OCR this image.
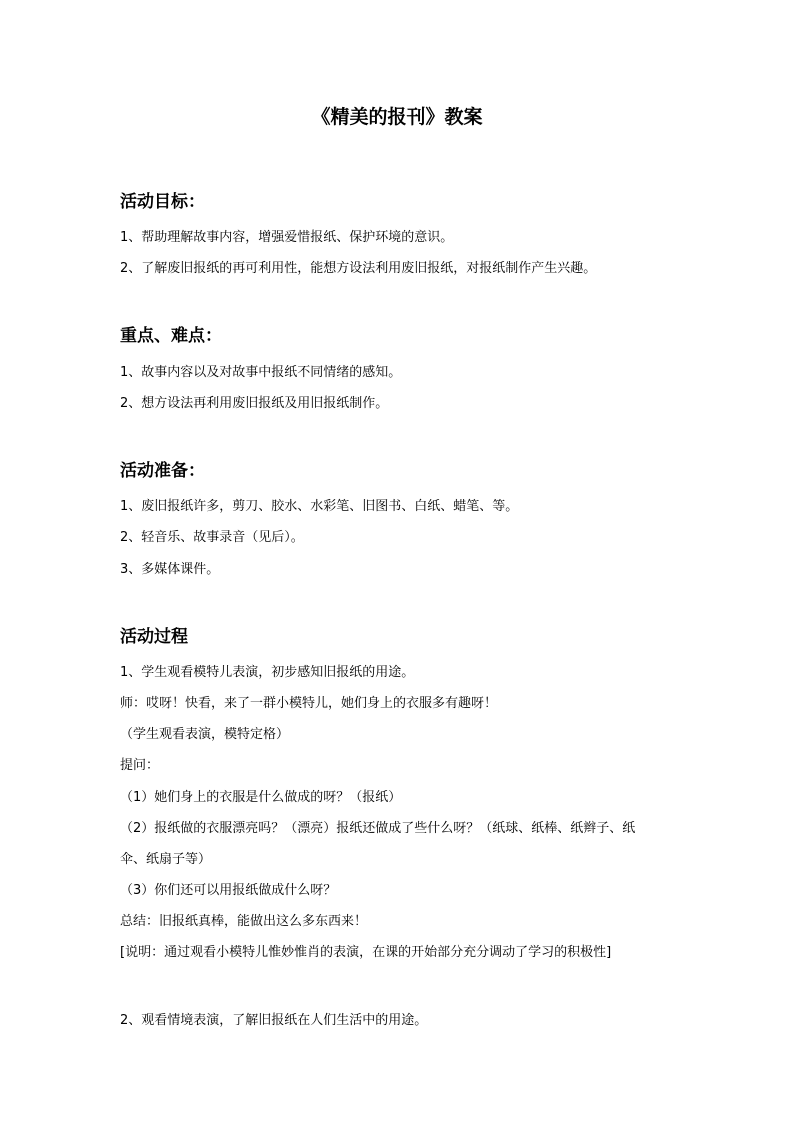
《精美的报刊》教案
活动目标：
1、帮助理解故事内容，增强爱惜报纸、保护环境的意识。
2、了解废旧报纸的再可利用性，能想方设法利用废旧报纸，对报纸制作产生兴趣。
重点、难点：
1、故事内容以及对故事中报纸不同情绪的感知。
2、想方设法再利用废旧报纸及用旧报纸制作。
活动准备：
1、废旧报纸许多，剪刀、胶水、水彩笔、旧图书、白纸、蜡笔、等。
2、轻音乐、故事录音（见后）。
3、多媒体课件。
活动过程
1、学生观看模特儿表演，初步感知旧报纸的用途。
师：哎呀！快看，来了一群小模特儿，她们身上的衣服多有趣呀！
（学生观看表演，模特定格）
提问：
（1）她们身上的衣服是什么做成的呀？（报纸）
（2）报纸做的衣服漂亮吗？（漂亮）报纸还做成了些什么呀？（纸球、纸棒、纸辫子、纸
伞、纸扇子等）
（3）你们还可以用报纸做成什么呀？
总结：旧报纸真棒，能做出这么多东西来！
[说明：通过观看小模特儿惟妙惟肖的表演，在课的开始部分充分调动了学习的积极性]
2、观看情境表演，了解旧报纸在人们生活中的用途。
